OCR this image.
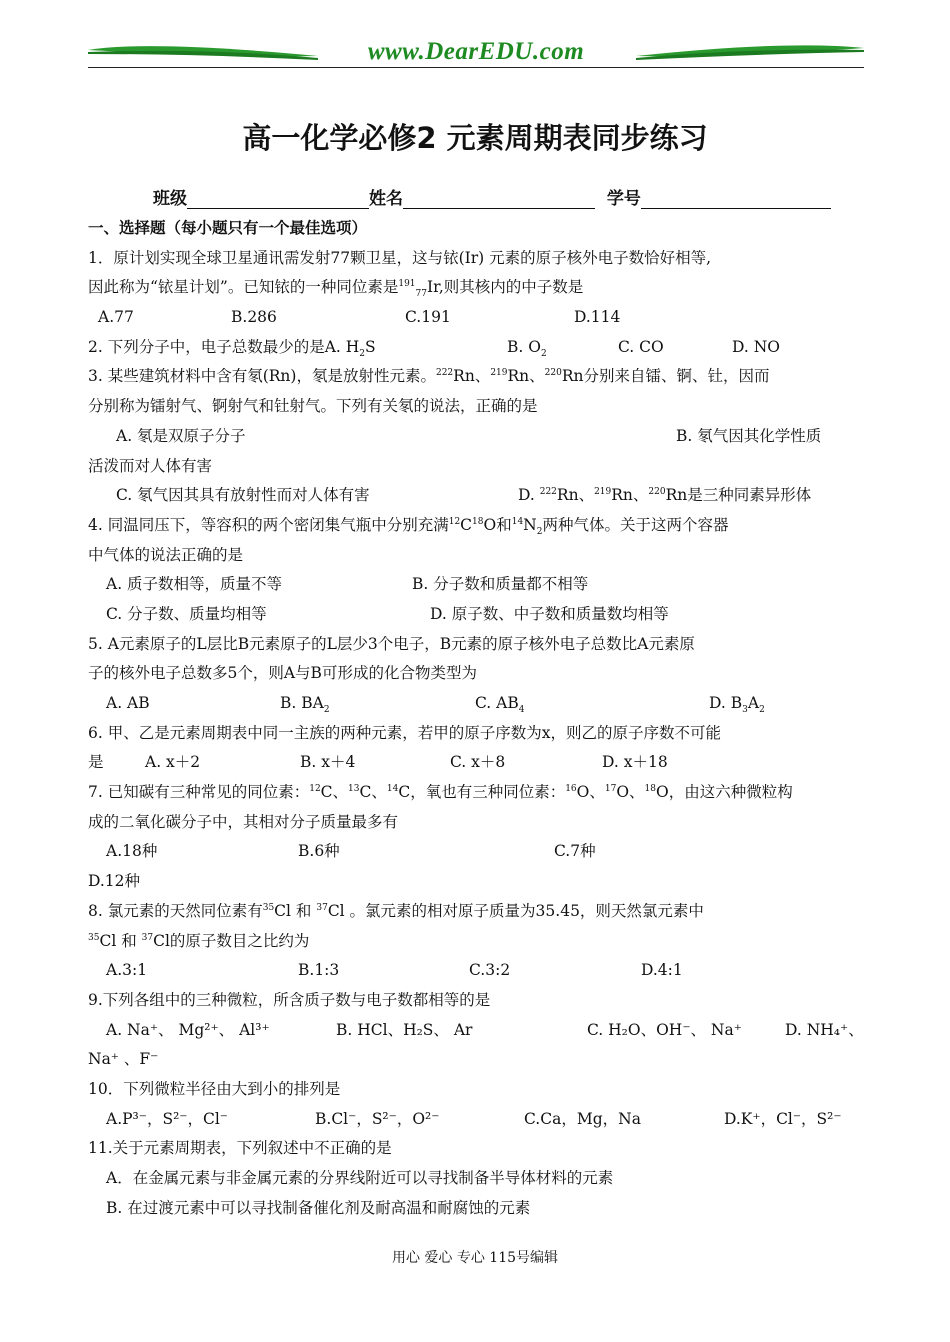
www.DearEDU.com
高一化学必修2 元素周期表同步练习
班级	姓名	学号
一、选择题（每小题只有一个最佳选项）
1．原计划实现全球卫星通讯需发射77颗卫星，这与铱(Ir) 元素的原子核外电子数恰好相等,
因此称为“铱星计划”。已知铱的一种同位素是$^{191}_{77}$Ir,则其核内的中子数是
A.77	B.286	C.191	D.114
2. 下列分子中，电子总数最少的是A. $H_2S$	B. $O_2$	C. CO	D. NO
3. 某些建筑材料中含有氡(Rn)，氡是放射性元素。$^{222}$Rn、$^{219}$Rn、$^{220}$Rn分别来自镭、锕、钍，因而
分别称为镭射气、锕射气和钍射气。下列有关氡的说法，正确的是
A. 氡是双原子分子	B. 氡气因其化学性质
活泼而对人体有害
C. 氡气因其具有放射性而对人体有害	D. $^{222}$Rn、$^{219}$Rn、$^{220}$Rn是三种同素异形体
4. 同温同压下，等容积的两个密闭集气瓶中分别充满$^{12}C^{18}O$和$^{14}N_2$两种气体。关于这两个容器
中气体的说法正确的是
A. 质子数相等，质量不等	B. 分子数和质量都不相等
C. 分子数、质量均相等	D. 原子数、中子数和质量数均相等
5. A元素原子的L层比B元素原子的L层少3个电子，B元素的原子核外电子总数比A元素原
子的核外电子总数多5个，则A与B可形成的化合物类型为
A. AB	B. $BA_2$	C. $AB_4$	D. $B_3A_2$
6. 甲、乙是元素周期表中同一主族的两种元素，若甲的原子序数为x，则乙的原子序数不可能
是	A. x＋2	B. x＋4	C. x＋8	D. x＋18
7. 已知碳有三种常见的同位素：$^{12}$C、$^{13}$C、$^{14}$C，氧也有三种同位素：$^{16}$O、$^{17}$O、$^{18}$O，由这六种微粒构
成的二氧化碳分子中，其相对分子质量最多有
A.18种	B.6种	C.7种
D.12种
8. 氯元素的天然同位素有$^{35}$Cl 和 $^{37}$Cl 。氯元素的相对原子质量为35.45，则天然氯元素中
$^{35}$Cl 和 $^{37}$Cl的原子数目之比约为
A.3:1	B.1:3	C.3:2	D.4:1
9.下列各组中的三种微粒，所含质子数与电子数都相等的是
A. Na⁺、 Mg²⁺、 Al³⁺	B. HCl、H₂S、 Ar	C. H₂O、OH⁻、 Na⁺	D. NH₄⁺、
Na⁺ 、F⁻
10．下列微粒半径由大到小的排列是
A.P³⁻，S²⁻，Cl⁻	B.Cl⁻，S²⁻，O²⁻	C.Ca，Mg，Na	D.K⁺，Cl⁻，S²⁻
11.关于元素周期表，下列叙述中不正确的是
A．在金属元素与非金属元素的分界线附近可以寻找制备半导体材料的元素
B. 在过渡元素中可以寻找制备催化剂及耐高温和耐腐蚀的元素
用心 爱心 专心 115号编辑
